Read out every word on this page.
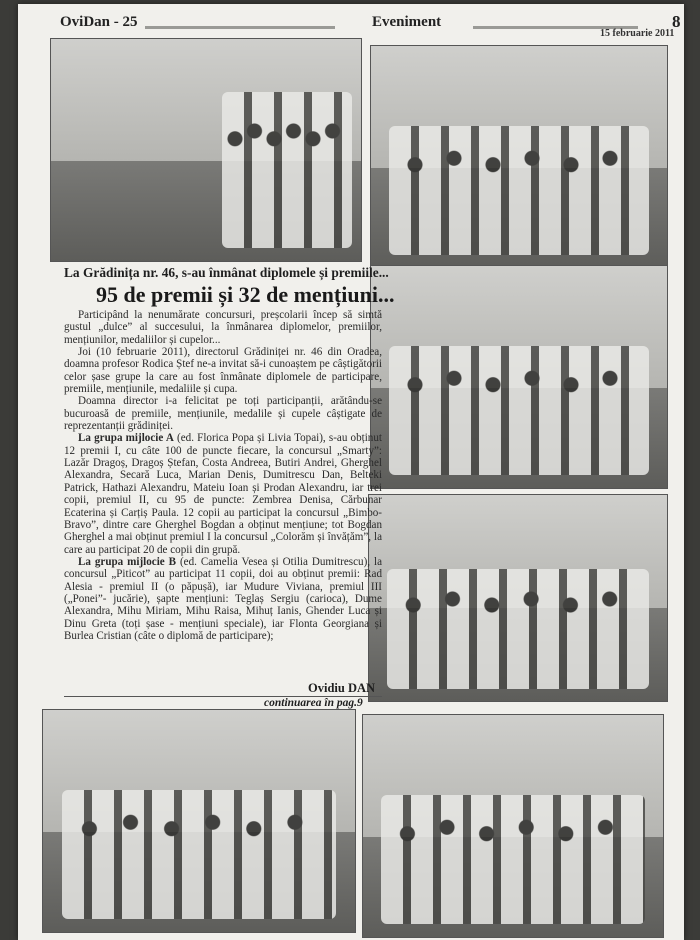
OviDan - 25	Eveniment
15 februarie 2011
8
La Grădinița nr. 46, s-au înmânat diplomele și premiile...
95 de premii și 32 de mențiuni...

Participând la nenumărate concursuri, preșcolarii încep să simtă gustul „dulce” al succesului, la înmânarea diplomelor, premiilor, mențiunilor, medaliilor și cupelor...

Joi (10 februarie 2011), directorul Grădiniței nr. 46 din Oradea, doamna profesor Rodica Ștef ne-a invitat să-i cunoaștem pe câștigătorii celor șase grupe la care au fost înmânate diplomele de participare, premiile, mențiunile, medaliile și cupa.

Doamna director i-a felicitat pe toți participanții, arătându-se bucuroasă de premiile, mențiunile, medalile și cupele câștigate de reprezentanții grădiniței.

La grupa mijlocie A (ed. Florica Popa și Livia Topai), s-au obținut 12 premii I, cu câte 100 de puncte fiecare, la concursul „Smarty”: Lazăr Dragoș, Dragoș Ștefan, Costa Andreea, Butiri Andrei, Gherghel Alexandra, Secară Luca, Marian Denis, Dumitrescu Dan, Belteki Patrick, Hathazi Alexandru, Mateiu Ioan și Prodan Alexandru, iar trei copii, premiul II, cu 95 de puncte: Zembrea Denisa, Cărbunar Ecaterina și Carțiș Paula. 12 copii au participat la concursul „Bimbo-Bravo”, dintre care Gherghel Bogdan a obținut mențiune; tot Bogdan Gherghel a mai obținut premiul I la concursul „Colorăm și învățăm”, la care au participat 20 de copii din grupă.

La grupa mijlocie B (ed. Camelia Vesea și Otilia Dumitrescu), la concursul „Piticot” au participat 11 copii, doi au obținut premii: Rad Alesia - premiul II (o păpușă), iar Mudure Viviana, premiul III („Ponei”- jucărie), șapte mențiuni: Teglaș Sergiu (carioca), Dume Alexandra, Mihu Miriam, Mihu Raisa, Mihuț Ianis, Ghender Luca și Dinu Greta (toți șase - mențiuni speciale), iar Flonta Georgiana și Burlea Cristian (câte o diplomă de participare);

Ovidiu DAN
continuarea în pag.9
